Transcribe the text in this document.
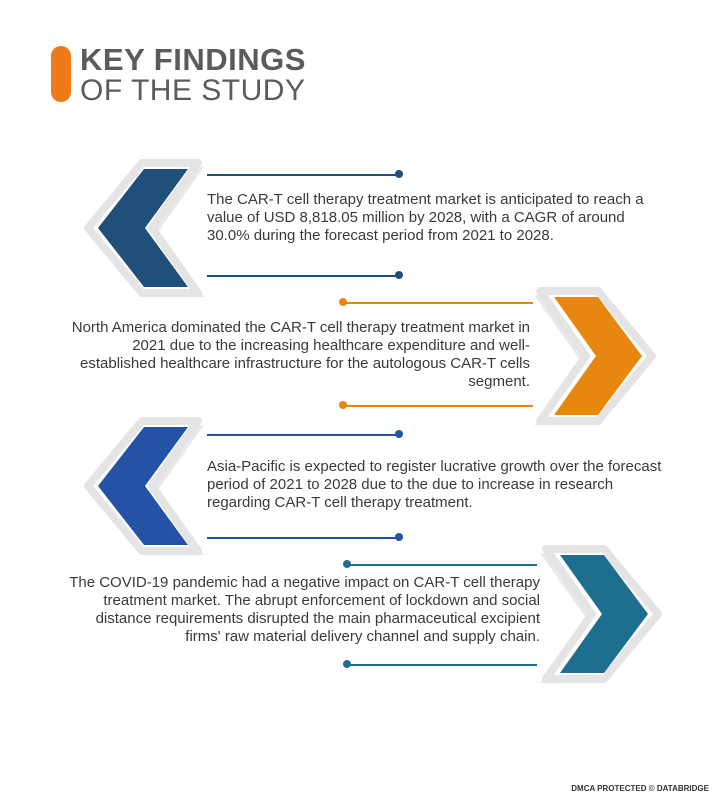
KEY FINDINGS
OF THE STUDY
The CAR-T cell therapy treatment market is anticipated to reach a value of USD 8,818.05 million by 2028, with a CAGR of around 30.0% during the forecast period from 2021 to 2028.
North America dominated the CAR-T cell therapy treatment market in 2021 due to the increasing healthcare expenditure and well-established healthcare infrastructure for the autologous CAR-T cells segment.
Asia-Pacific is expected to register lucrative growth over the forecast period of 2021 to 2028 due to the due to increase in research regarding CAR-T cell therapy treatment.
The COVID-19 pandemic had a negative impact on CAR-T cell therapy treatment market. The abrupt enforcement of lockdown and social distance requirements disrupted the main pharmaceutical excipient firms' raw material delivery channel and supply chain.
DMCA PROTECTED © DATABRIDGE
